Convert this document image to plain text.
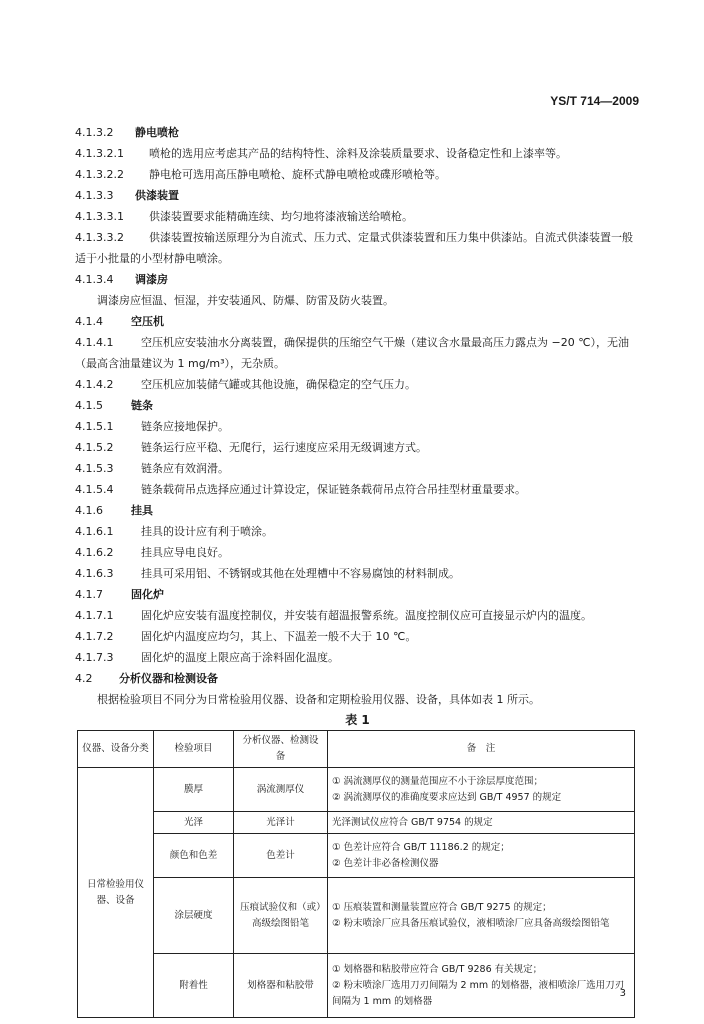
YS/T 714—2009
4.1.3.2 静电喷枪
4.1.3.2.1 喷枪的选用应考虑其产品的结构特性、涂料及涂装质量要求、设备稳定性和上漆率等。
4.1.3.2.2 静电枪可选用高压静电喷枪、旋杯式静电喷枪或碟形喷枪等。
4.1.3.3 供漆装置
4.1.3.3.1 供漆装置要求能精确连续、均匀地将漆液输送给喷枪。
4.1.3.3.2 供漆装置按输送原理分为自流式、压力式、定量式供漆装置和压力集中供漆站。自流式供漆装置一般适于小批量的小型材静电喷涂。
4.1.3.4 调漆房
调漆房应恒温、恒湿，并安装通风、防爆、防雷及防火装置。
4.1.4	空压机
4.1.4.1	空压机应安装油水分离装置，确保提供的压缩空气干燥（建议含水量最高压力露点为 −20 ℃），无油（最高含油量建议为 1 mg/m³），无杂质。
4.1.4.2	空压机应加装储气罐或其他设施，确保稳定的空气压力。
4.1.5	链条
4.1.5.1	链条应接地保护。
4.1.5.2	链条运行应平稳、无爬行，运行速度应采用无级调速方式。
4.1.5.3	链条应有效润滑。
4.1.5.4	链条载荷吊点选择应通过计算设定，保证链条载荷吊点符合吊挂型材重量要求。
4.1.6	挂具
4.1.6.1	挂具的设计应有利于喷涂。
4.1.6.2	挂具应导电良好。
4.1.6.3	挂具可采用铝、不锈钢或其他在处理槽中不容易腐蚀的材料制成。
4.1.7	固化炉
4.1.7.1	固化炉应安装有温度控制仪，并安装有超温报警系统。温度控制仪应可直接显示炉内的温度。
4.1.7.2	固化炉内温度应均匀，其上、下温差一般不大于 10 ℃。
4.1.7.3	固化炉的温度上限应高于涂料固化温度。
4.2 分析仪器和检测设备
根据检验项目不同分为日常检验用仪器、设备和定期检验用仪器、设备，具体如表 1 所示。
表 1
仪器、设备分类	检验项目	分析仪器、检测设备	备　注
日常检验用仪器、设备	膜厚	涡流测厚仪	① 涡流测厚仪的测量范围应不小于涂层厚度范围；
② 涡流测厚仪的准确度要求应达到 GB/T 4957 的规定

	光泽	光泽计	光泽测试仪应符合 GB/T 9754 的规定

	颜色和色差	色差计	① 色差计应符合 GB/T 11186.2 的规定；
② 色差计非必备检测仪器

	涂层硬度	压痕试验仪和（或）高级绘图铅笔	① 压痕装置和测量装置应符合 GB/T 9275 的规定；
② 粉末喷涂厂应具备压痕试验仪，液相喷涂厂应具备高级绘图铅笔

	附着性	划格器和粘胶带	① 划格器和粘胶带应符合 GB/T 9286 有关规定；
② 粉末喷涂厂选用刀刃间隔为 2 mm 的划格器，液相喷涂厂选用刀刃间隔为 1 mm 的划格器
3
